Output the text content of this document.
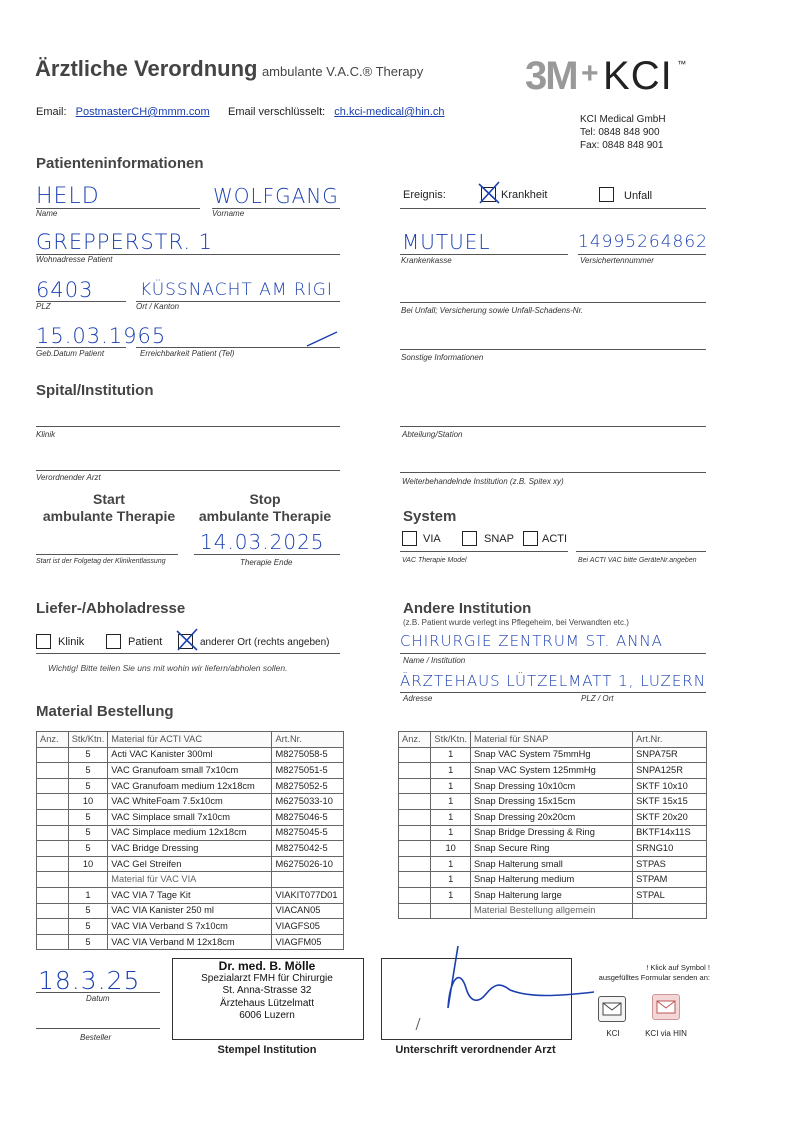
Ärztliche Verordnung ambulante V.A.C.® Therapy	3M + KCI ™
Email: PostmasterCH@mmm.com Email verschlüsselt: ch.kci-medical@hin.ch
KCI Medical GmbH
Tel: 0848 848 900
Fax: 0848 848 901
Patienteninformationen
HELD
Name
WOLFGANG
Vorname
GREPPERSTR. 1
Wohnadresse Patient
6403
PLZ
KÜSSNACHT AM RIGI
Ort / Kanton
15.03.1965
Geb.Datum Patient	Erreichbarkeit Patient (Tel)
Ereignis:	Krankheit	Unfall
MUTUEL
Krankenkasse
14995264862
Versichertennummer
Bei Unfall; Versicherung sowie Unfall-Schadens-Nr.
Sonstige Informationen
Spital/Institution
Klinik	Abteilung/Station
Verordnender Arzt	Weiterbehandelnde Institution (z.B. Spitex xy)
Start
ambulante Therapie
Stop
ambulante Therapie
14.03.2025
Start ist der Folgetag der Klinikentlassung	Therapie Ende
System
VIA	SNAP	ACTI
VAC Therapie Model	Bei ACTI VAC bitte GeräteNr.angeben
Liefer-/Abholadresse
Klinik	Patient	anderer Ort (rechts angeben)
Wichtig! Bitte teilen Sie uns mit wohin wir liefern/abholen sollen.
Andere Institution
(z.B. Patient wurde verlegt ins Pflegeheim, bei Verwandten etc.)
CHIRURGIE ZENTRUM ST. ANNA
Name / Institution
ÄRZTEHAUS LÜTZELMATT 1, LUZERN
Adresse	PLZ / Ort
Material Bestellung
Anz.	Stk/Ktn.	Material für ACTI VAC	Art.Nr.
	5	Acti VAC Kanister 300ml	M8275058-5
	5	VAC Granufoam small 7x10cm	M8275051-5
	5	VAC Granufoam medium 12x18cm	M8275052-5
	10	VAC WhiteFoam 7.5x10cm	M6275033-10
	5	VAC Simplace small 7x10cm	M8275046-5
	5	VAC Simplace medium 12x18cm	M8275045-5
	5	VAC Bridge Dressing	M8275042-5
	10	VAC Gel Streifen	M6275026-10
		Material für VAC VIA	
	1	VAC VIA 7 Tage Kit	VIAKIT077D01
	5	VAC VIA Kanister 250 ml	VIACAN05
	5	VAC VIA Verband S 7x10cm	VIAGFS05
	5	VAC VIA Verband M 12x18cm	VIAGFM05
Anz.	Stk/Ktn.	Material für SNAP	Art.Nr.
	1	Snap VAC System 75mmHg	SNPA75R
	1	Snap VAC System 125mmHg	SNPA125R
	1	Snap Dressing 10x10cm	SKTF 10x10
	1	Snap Dressing 15x15cm	SKTF 15x15
	1	Snap Dressing 20x20cm	SKTF 20x20
	1	Snap Bridge Dressing & Ring	BKTF14x11S
	10	Snap Secure Ring	SRNG10
	1	Snap Halterung small	STPAS
	1	Snap Halterung medium	STPAM
	1	Snap Halterung large	STPAL
		Material Bestellung allgemein	
18.3.25
Datum
Besteller
Dr. med. B. Mölle
Spezialarzt FMH für Chirurgie
St. Anna-Strasse 32
Ärztehaus Lützelmatt
6006 Luzern
Stempel Institution	Unterschrift verordnender Arzt
! Klick auf Symbol !
ausgefülltes Formular senden an:
KCI	KCI via HIN
